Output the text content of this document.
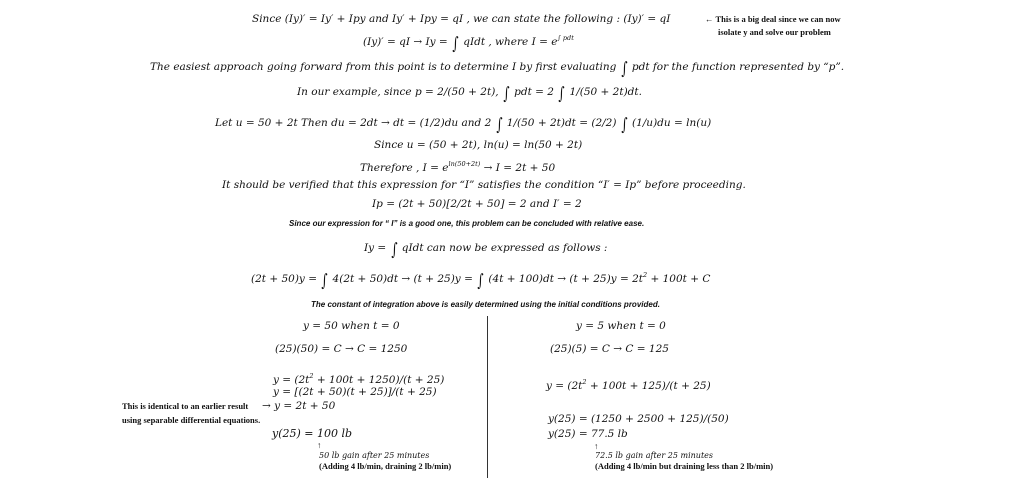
Since (Iy)′ = Iy′ + Ipy and Iy′ + Ipy = qI , we can state the following : (Iy)′ = qI	← This is a big deal since we can now
isolate y and solve our problem
(Iy)′ = qI → Iy = ∫ qIdt , where $I = e^{\int pdt}$
The easiest approach going forward from this point is to determine I by first evaluating ∫ pdt for the function represented by “p”.
In our example, since p = 2/(50 + 2t), ∫ pdt = 2 ∫ 1/(50 + 2t)dt.
Let u = 50 + 2t Then du = 2dt → dt = (1/2)du and 2 ∫ 1/(50 + 2t)dt = (2/2) ∫ (1/u)du = ln(u)
Since u = (50 + 2t), ln(u) = ln(50 + 2t)
Therefore , $I = e^{ln(50+2t)} \to I = 2t + 50$
It should be verified that this expression for “I” satisfies the condition “I′ = Ip” before proceeding.
Ip = (2t + 50)[2/2t + 50] = 2 and I′ = 2
Since our expression for “ I” is a good one, this problem can be concluded with relative ease.
Iy = ∫ qIdt can now be expressed as follows :
(2t + 50)y = ∫ 4(2t + 50)dt → (t + 25)y = ∫ $(4t + 100)dt \to (t + 25)y = 2t^2 + 100t + C$
The constant of integration above is easily determined using the initial conditions provided.
y = 50 when t = 0
(25)(50) = C → C = 1250
$y = (2t^2 + 100t + 1250)/(t + 25)$
y = [(2t + 50)(t + 25)]/(t + 25)
This is identical to an earlier result → y = 2t + 50
using separable differential equations.
y(25) = 100 lb
↑
50 lb gain after 25 minutes
(Adding 4 lb/min, draining 2 lb/min)
y = 5 when t = 0
(25)(5) = C → C = 125
$y = (2t^2 + 100t + 125)/(t + 25)$
y(25) = (1250 + 2500 + 125)/(50)
y(25) = 77.5 lb
↑
72.5 lb gain after 25 minutes
(Adding 4 lb/min but draining less than 2 lb/min)
